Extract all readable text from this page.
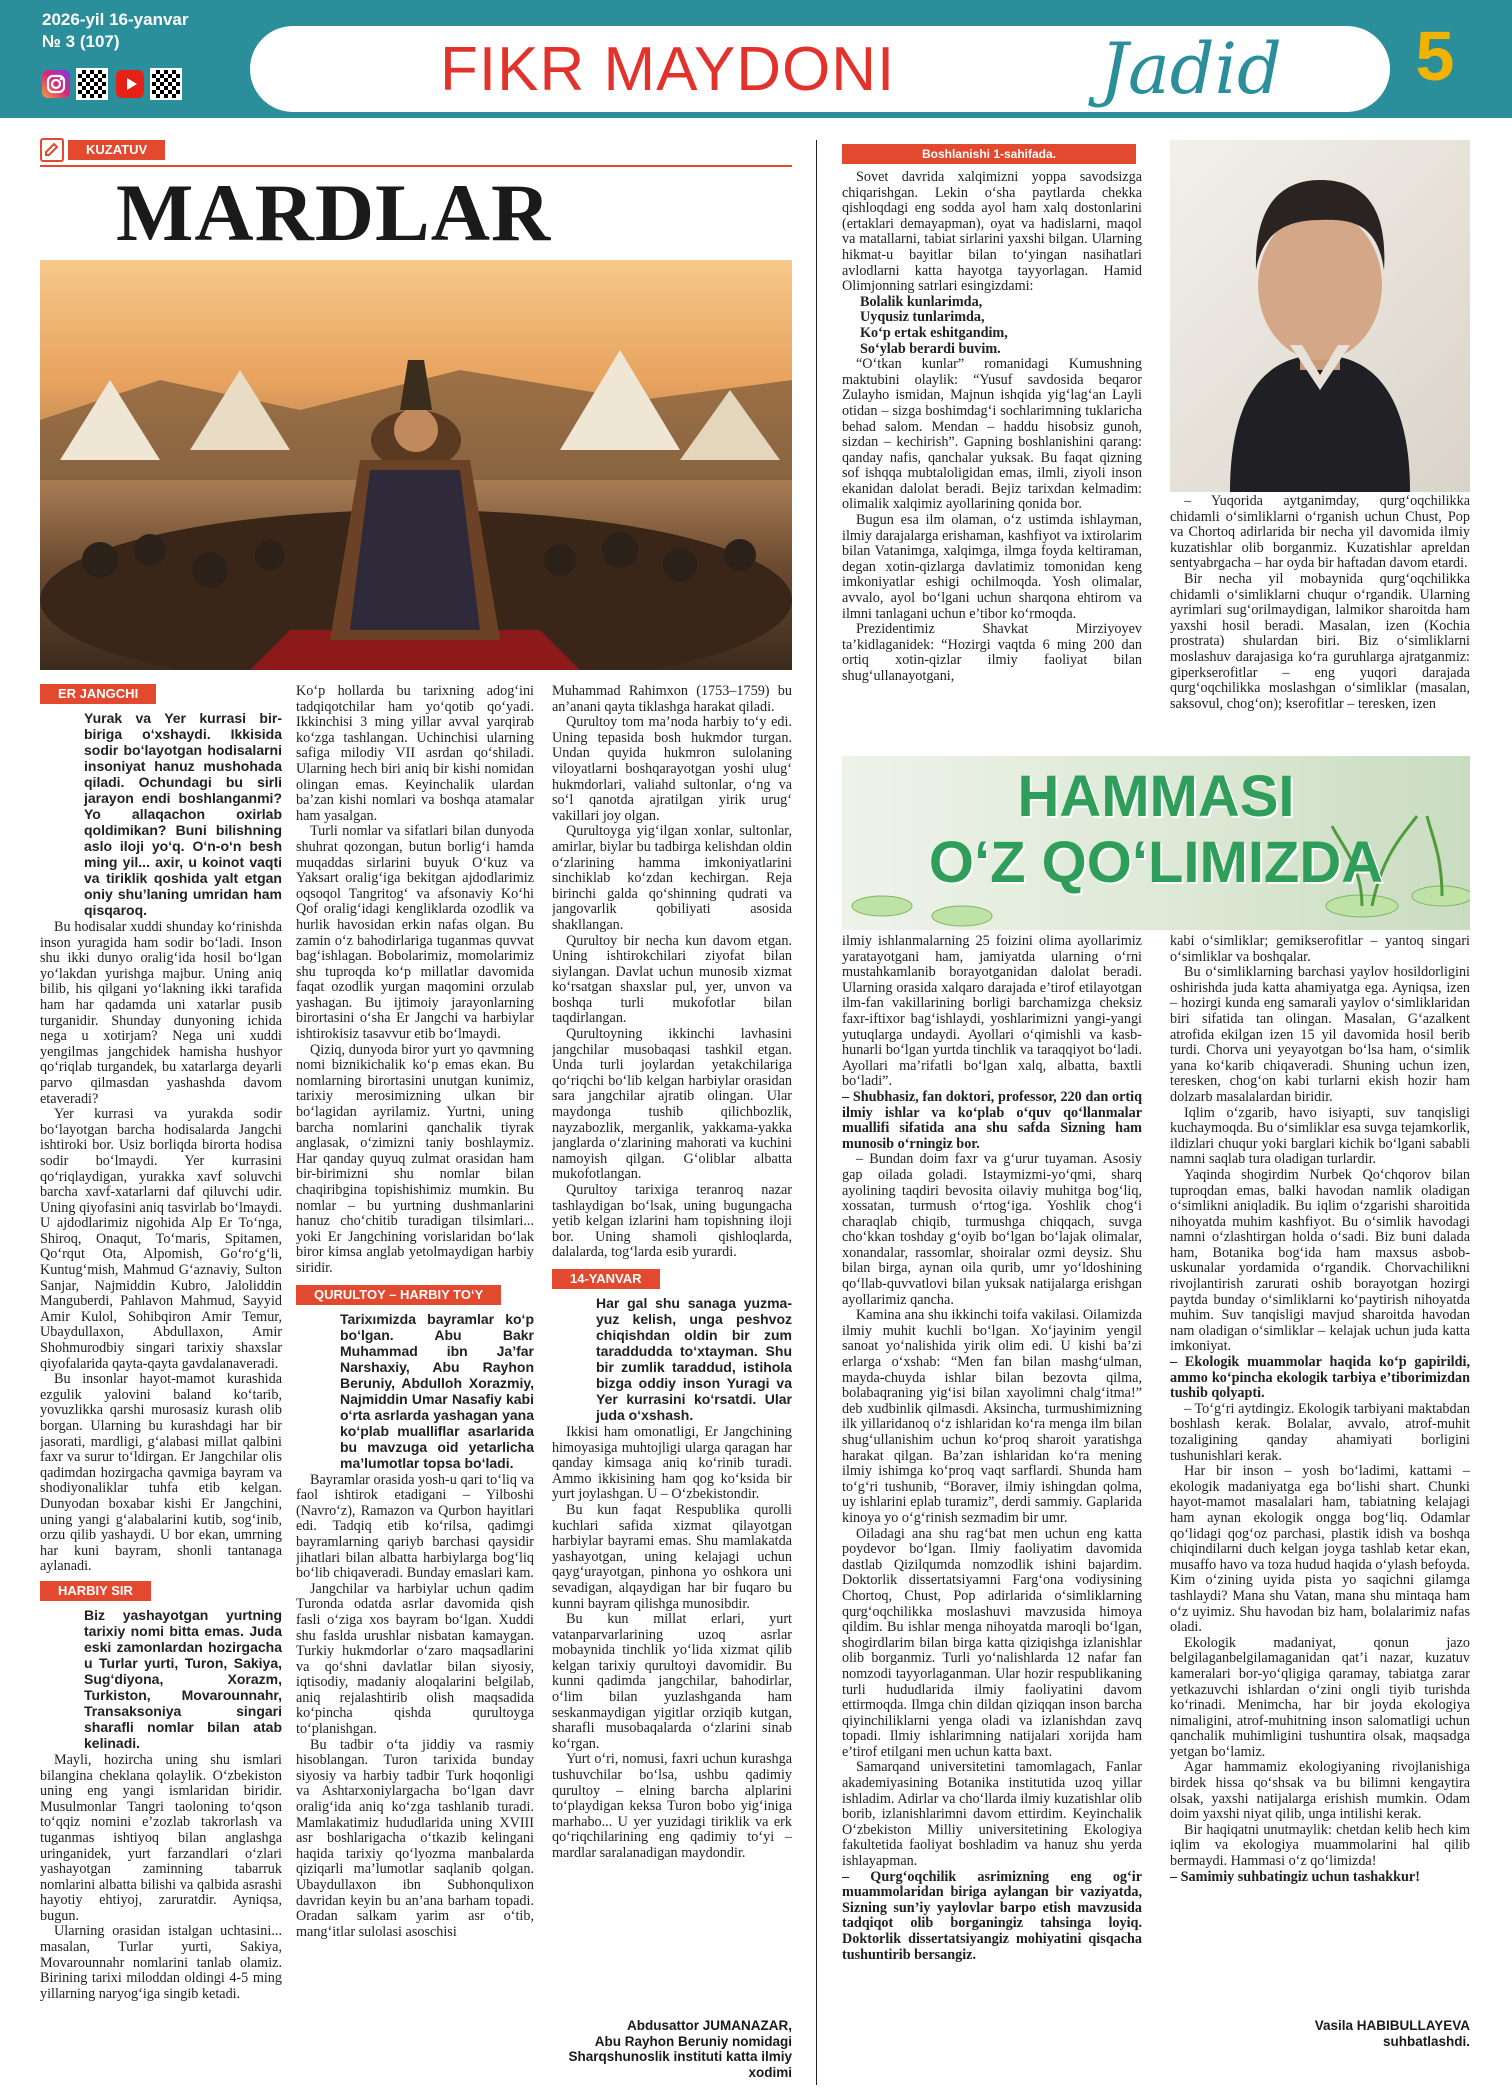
2026-yil 16-yanvar
№ 3 (107)	FIKR MAYDONI	Jadid 5
KUZATUV
MARDLAR
ER JANGCHI
Yurak va Yer kurrasi bir-biriga o‘xshaydi. Ikkisida sodir bo‘layotgan hodisalarni insoniyat hanuz mushohada qiladi. Ochundagi bu sirli jarayon endi boshlanganmi? Yo allaqachon oxirlab qoldimikan? Buni bilishning aslo iloji yo‘q. O‘n-o‘n besh ming yil... axir, u koinot vaqti va tiriklik qoshida yalt etgan oniy shu’laning umridan ham qisqaroq.

Bu hodisalar xuddi shunday ko‘rinishda inson yuragida ham sodir bo‘ladi. Inson shu ikki dunyo oralig‘ida hosil bo‘lgan yo‘lakdan yurishga majbur. Uning aniq bilib, his qilgani yo‘lakning ikki tarafida ham har qadamda uni xatarlar pusib turganidir. Shunday dunyoning ichida nega u xotirjam? Nega uni xuddi yengilmas jangchidek hamisha hushyor qo‘riqlab turgandek, bu xatarlarga deyarli parvo qilmasdan yashashda davom etaveradi?

Yer kurrasi va yurakda sodir bo‘layotgan barcha hodisalarda Jangchi ishtiroki bor. Usiz borliqda birorta hodisa sodir bo‘lmaydi. Yer kurrasini qo‘riqlaydigan, yurakka xavf soluvchi barcha xavf-xatarlarni daf qiluvchi udir. Uning qiyofasini aniq tasvirlab bo‘lmaydi. U ajdodlarimiz nigohida Alp Er To‘nga, Shiroq, Onaqut, To‘maris, Spitamen, Qo‘rqut Ota, Alpomish, Go‘ro‘g‘li, Kuntug‘mish, Mahmud G‘aznaviy, Sulton Sanjar, Najmiddin Kubro, Jaloliddin Manguberdi, Pahlavon Mahmud, Sayyid Amir Kulol, Sohibqiron Amir Temur, Ubaydullaxon, Abdullaxon, Amir Shohmurodbiy singari tarixiy shaxslar qiyofalarida qayta-qayta gavdalanaveradi.

Bu insonlar hayot-mamot kurashida ezgulik yalovini baland ko‘tarib, yovuzlikka qarshi murosasiz kurash olib borgan. Ularning bu kurashdagi har bir jasorati, mardligi, g‘alabasi millat qalbini faxr va surur to‘ldirgan. Er Jangchilar olis qadimdan hozirgacha qavmiga bayram va shodiyonaliklar tuhfa etib kelgan. Dunyodan boxabar kishi Er Jangchini, uning yangi g‘alabalarini kutib, sog‘inib, orzu qilib yashaydi. U bor ekan, umrning har kuni bayram, shonli tantanaga aylanadi.

HARBIY SIR
Biz yashayotgan yurtning tarixiy nomi bitta emas. Juda eski zamonlardan hozirgacha u Turlar yurti, Turon, Sakiya, Sug‘diyona, Xorazm, Turkiston, Movarounnahr, Transaksoniya singari sharafli nomlar bilan atab kelinadi.

Mayli, hozircha uning shu ismlari bilangina cheklana qolaylik. O‘zbekiston uning eng yangi ismlaridan biridir. Musulmonlar Tangri taoloning to‘qson to‘qqiz nomini e’zozlab takrorlash va tuganmas ishtiyoq bilan anglashga uringanidek, yurt farzandlari o‘zlari yashayotgan zaminning tabarruk nomlarini albatta bilishi va qalbida asrashi hayotiy ehtiyoj, zaruratdir. Ayniqsa, bugun.

Ularning orasidan istalgan uchtasini... masalan, Turlar yurti, Sakiya, Movarounnahr nomlarini tanlab olamiz. Birining tarixi miloddan oldingi 4-5 ming yillarning naryog‘iga singib ketadi.

Ko‘p hollarda bu tarixning adog‘ini tadqiqotchilar ham yo‘qotib qo‘yadi. Ikkinchisi 3 ming yillar avval yarqirab ko‘zga tashlangan. Uchinchisi ularning safiga milodiy VII asrdan qo‘shiladi. Ularning hech biri aniq bir kishi nomidan olingan emas. Keyinchalik ulardan ba’zan kishi nomlari va boshqa atamalar ham yasalgan.

Turli nomlar va sifatlari bilan dunyoda shuhrat qozongan, butun borlig‘i hamda muqaddas sirlarini buyuk O‘kuz va Yaksart oralig‘iga bekitgan ajdodlarimiz oqsoqol Tangritog‘ va afsonaviy Ko‘hi Qof oralig‘idagi kengliklarda ozodlik va hurlik havosidan erkin nafas olgan. Bu zamin o‘z bahodirlariga tuganmas quvvat bag‘ishlagan. Bobolarimiz, momolarimiz shu tuproqda ko‘p millatlar davomida faqat ozodlik yurgan maqomini orzulab yashagan. Bu ijtimoiy jarayonlarning birortasini o‘sha Er Jangchi va harbiylar ishtirokisiz tasavvur etib bo‘lmaydi.

Qiziq, dunyoda biror yurt yo qavmning nomi biznikichalik ko‘p emas ekan. Bu nomlarning birortasini unutgan kunimiz, tarixiy merosimizning ulkan bir bo‘lagidan ayrilamiz. Yurtni, uning barcha nomlarini qanchalik tiyrak anglasak, o‘zimizni taniy boshlaymiz. Har qanday quyuq zulmat orasidan ham bir-birimizni shu nomlar bilan chaqiribgina topishishimiz mumkin. Bu nomlar – bu yurtning dushmanlarini hanuz cho‘chitib turadigan tilsimlari... yoki Er Jangchining vorislaridan bo‘lak biror kimsa anglab yetolmaydigan harbiy siridir.

QURULTOY – HARBIY TO‘Y
Tarixımizda bayramlar ko‘p bo‘lgan. Abu Bakr Muhammad ibn Ja’far Narshaxiy, Abu Rayhon Beruniy, Abdulloh Xorazmiy, Najmiddin Umar Nasafiy kabi o‘rta asrlarda yashagan yana ko‘plab mualliflar asarlarida bu mavzuga oid yetarlicha ma’lumotlar topsa bo‘ladi.

Bayramlar orasida yosh-u qari to‘liq va faol ishtirok etadigani – Yilboshi (Navro‘z), Ramazon va Qurbon hayitlari edi. Tadqiq etib ko‘rilsa, qadimgi bayramlarning qariyb barchasi qaysidir jihatlari bilan albatta harbiylarga bog‘liq bo‘lib chiqaveradi. Bunday emaslari kam.

Jangchilar va harbiylar uchun qadim Turonda odatda asrlar davomida qish fasli o‘ziga xos bayram bo‘lgan. Xuddi shu faslda urushlar nisbatan kamaygan. Turkiy hukmdorlar o‘zaro maqsadlarini va qo‘shni davlatlar bilan siyosiy, iqtisodiy, madaniy aloqalarini belgilab, aniq rejalashtirib olish maqsadida ko‘pincha qishda qurultoyga to‘planishgan.

Bu tadbir o‘ta jiddiy va rasmiy hisoblangan. Turon tarixida bunday siyosiy va harbiy tadbir Turk hoqonligi va Ashtarxoniylargacha bo‘lgan davr oralig‘ida aniq ko‘zga tashlanib turadi. Mamlakatimiz hududlarida uning XVIII asr boshlarigacha o‘tkazib kelingani haqida tarixiy qo‘lyozma manbalarda qiziqarli ma’lumotlar saqlanib qolgan. Ubaydullaxon ibn Subhonqulixon davridan keyin bu an’ana barham topadi. Oradan salkam yarim asr o‘tib, mang‘itlar sulolasi asoschisi

Muhammad Rahimxon (1753–1759) bu an’anani qayta tiklashga harakat qiladi.

Qurultoy tom ma’noda harbiy to‘y edi. Uning tepasida bosh hukmdor turgan. Undan quyida hukmron sulolaning viloyatlarni boshqarayotgan yoshi ulug‘ hukmdorlari, valiahd sultonlar, o‘ng va so‘l qanotda ajratilgan yirik urug‘ vakillari joy olgan.

Qurultoyga yig‘ilgan xonlar, sultonlar, amirlar, biylar bu tadbirga kelishdan oldin o‘zlarining hamma imkoniyatlarini sinchiklab ko‘zdan kechirgan. Reja birinchi galda qo‘shinning qudrati va jangovarlik qobiliyati asosida shakllangan.

Qurultoy bir necha kun davom etgan. Uning ishtirokchilari ziyofat bilan siylangan. Davlat uchun munosib xizmat ko‘rsatgan shaxslar pul, yer, unvon va boshqa turli mukofotlar bilan taqdirlangan.

Qurultoyning ikkinchi lavhasini jangchilar musobaqasi tashkil etgan. Unda turli joylardan yetakchilariga qo‘riqchi bo‘lib kelgan harbiylar orasidan sara jangchilar ajratib olingan. Ular maydonga tushib qilichbozlik, nayzabozlik, merganlik, yakkama-yakka janglarda o‘zlarining mahorati va kuchini namoyish qilgan. G‘oliblar albatta mukofotlangan.

Qurultoy tarixiga teranroq nazar tashlaydigan bo‘lsak, uning bugungacha yetib kelgan izlarini ham topishning iloji bor. Uning shamoli qishloqlarda, dalalarda, tog‘larda esib yurardi.

14-YANVAR
Har gal shu sanaga yuzma-yuz kelish, unga peshvoz chiqishdan oldin bir zum taraddudda to‘xtayman. Shu bir zumlik taraddud, istihola bizga oddiy inson Yuragi va Yer kurrasini ko‘rsatdi. Ular juda o‘xshash.

Ikkisi ham omonatligi, Er Jangchining himoyasiga muhtojligi ularga qaragan har qanday kimsaga aniq ko‘rinib turadi. Ammo ikkisining ham qog ko‘ksida bir yurt joylashgan. U – O‘zbekistondir.

Bu kun faqat Respublika qurolli kuchlari safida xizmat qilayotgan harbiylar bayrami emas. Shu mamlakatda yashayotgan, uning kelajagi uchun qayg‘urayotgan, pinhona yo oshkora uni sevadigan, alqaydigan har bir fuqaro bu kunni bayram qilishga munosibdir.

Bu kun millat erlari, yurt vatanparvarlarining uzoq asrlar mobaynida tinchlik yo‘lida xizmat qilib kelgan tarixiy qurultoyi davomidir. Bu kunni qadimda jangchilar, bahodirlar, o‘lim bilan yuzlashganda ham seskanmaydigan yigitlar orziqib kutgan, sharafli musobaqalarda o‘zlarini sinab ko‘rgan.

Yurt o‘ri, nomusi, faxri uchun kurashga tushuvchilar bo‘lsa, ushbu qadimiy qurultoy – elning barcha alplarini to‘playdigan keksa Turon bobo yig‘iniga marhabo... U yer yuzidagi tiriklik va erk qo‘riqchilarining eng qadimiy to‘yi – mardlar saralanadigan maydondir.

Abdusattor JUMANAZAR,
Abu Rayhon Beruniy nomidagi Sharqshunoslik instituti katta ilmiy xodimi
Boshlanishi 1-sahifada.

Sovet davrida xalqimizni yoppa savodsizga chiqarishgan. Lekin o‘sha paytlarda chekka qishloqdagi eng sodda ayol ham xalq dostonlarini (ertaklari demayapman), oyat va hadislarni, maqol va matallarni, tabiat sirlarini yaxshi bilgan. Ularning hikmat-u bayitlar bilan to‘yingan nasihatlari avlodlarni katta hayotga tayyorlagan. Hamid Olimjonning satrlari esingizdami:

Bolalik kunlarimda,
Uyqusiz tunlarimda,
Ko‘p ertak eshitgandim,
So‘ylab berardi buvim.

“O‘tkan kunlar” romanidagi Kumushning maktubini olaylik: “Yusuf savdosida beqaror Zulayho ismidan, Majnun ishqida yig‘lag‘an Layli otidan – sizga boshimdag‘i sochlarimning tuklaricha behad salom. Mendan – haddu hisobsiz gunoh, sizdan – kechirish”. Gapning boshlanishini qarang: qanday nafis, qanchalar yuksak. Bu faqat qizning sof ishqqa mubtaloligidan emas, ilmli, ziyoli inson ekanidan dalolat beradi. Bejiz tarixdan kelmadim: olimalik xalqimiz ayollarining qonida bor.

Bugun esa ilm olaman, o‘z ustimda ishlayman, ilmiy darajalarga erishaman, kashfiyot va ixtirolarim bilan Vatanimga, xalqimga, ilmga foyda keltiraman, degan xotin-qizlarga davlatimiz tomonidan keng imkoniyatlar eshigi ochilmoqda. Yosh olimalar, avvalo, ayol bo‘lgani uchun sharqona ehtirom va ilmni tanlagani uchun e’tibor ko‘rmoqda.

Prezidentimiz Shavkat Mirziyoyev ta’kidlaganidek: “Hozirgi vaqtda 6 ming 200 dan ortiq xotin-qizlar ilmiy faoliyat bilan shug‘ullanayotgani,

– Yuqorida aytganimday, qurg‘oqchilikka chidamli o‘simliklarni o‘rganish uchun Chust, Pop va Chortoq adirlarida bir necha yil davomida ilmiy kuzatishlar olib borganmiz. Kuzatishlar apreldan sentyabrgacha – har oyda bir haftadan davom etardi.

Bir necha yil mobaynida qurg‘oqchilikka chidamli o‘simliklarni chuqur o‘rgandik. Ularning ayrimlari sug‘orilmaydigan, lalmikor sharoitda ham yaxshi hosil beradi. Masalan, izen (Kochia prostrata) shulardan biri. Biz o‘simliklarni moslashuv darajasiga ko‘ra guruhlarga ajratganmiz: giperkserofitlar – eng yuqori darajada qurg‘oqchilikka moslashgan o‘simliklar (masalan, saksovul, chog‘on); kserofitlar – teresken, izen

HAMMASI
O‘Z QO‘LIMIZDA

ilmiy ishlanmalarning 25 foizini olima ayollarimiz yaratayotgani ham, jamiyatda ularning o‘rni mustahkamlanib borayotganidan dalolat beradi. Ularning orasida xalqaro darajada e’tirof etilayotgan ilm-fan vakillarining borligi barchamizga cheksiz faxr-iftixor bag‘ishlaydi, yoshlarimizni yangi-yangi yutuqlarga undaydi. Ayollari o‘qimishli va kasb-hunarli bo‘lgan yurtda tinchlik va taraqqiyot bo‘ladi. Ayollari ma’rifatli bo‘lgan xalq, albatta, baxtli bo‘ladi”.

– Shubhasiz, fan doktori, professor, 220 dan ortiq ilmiy ishlar va ko‘plab o‘quv qo‘llanmalar muallifi sifatida ana shu safda Sizning ham munosib o‘rningiz bor.

– Bundan doim faxr va g‘urur tuyaman. Asosiy gap oilada goladi. Istaymizmi-yo‘qmi, sharq ayolining taqdiri bevosita oilaviy muhitga bog‘liq, xossatan, turmush o‘rtog‘iga. Yoshlik chog‘i charaqlab chiqib, turmushga chiqqach, suvga cho‘kkan toshday g‘oyib bo‘lgan bo‘lajak olimalar, xonandalar, rassomlar, shoiralar ozmi deysiz. Shu bilan birga, aynan oila qurib, umr yo‘ldoshining qo‘llab-quvvatlovi bilan yuksak natijalarga erishgan ayollarimiz qancha.

Kamina ana shu ikkinchi toifa vakilasi. Oilamizda ilmiy muhit kuchli bo‘lgan. Xo‘jayinim yengil sanoat yo‘nalishida yirik olim edi. U kishi ba’zi erlarga o‘xshab: “Men fan bilan mashg‘ulman, mayda-chuyda ishlar bilan bezovta qilma, bolabaqraning yig‘isi bilan xayolimni chalg‘itma!” deb xudbinlik qilmasdi. Aksincha, turmushimizning ilk yillaridanoq o‘z ishlaridan ko‘ra menga ilm bilan shug‘ullanishim uchun ko‘proq sharoit yaratishga harakat qilgan. Ba’zan ishlaridan ko‘ra mening ilmiy ishimga ko‘proq vaqt sarflardi. Shunda ham to‘g‘ri tushunib, “Boraver, ilmiy ishingdan qolma, uy ishlarini eplab turamiz”, derdi sammiy. Gaplarida kinoya yo o‘g‘rinish sezmadim bir umr.

Oiladagi ana shu rag‘bat men uchun eng katta poydevor bo‘lgan. Ilmiy faoliyatim davomida dastlab Qizilqumda nomzodlik ishini bajardim. Doktorlik dissertatsiyamni Farg‘ona vodiysining Chortoq, Chust, Pop adirlarida o‘simliklarning qurg‘oqchilikka moslashuvi mavzusida himoya qildim. Bu ishlar menga nihoyatda maroqli bo‘lgan, shogirdlarim bilan birga katta qiziqishga izlanishlar olib borganmiz. Turli yo‘nalishlarda 12 nafar fan nomzodi tayyorlaganman. Ular hozir respublikaning turli hududlarida ilmiy faoliyatini davom ettirmoqda. Ilmga chin dildan qiziqqan inson barcha qiyinchiliklarni yenga oladi va izlanishdan zavq topadi. Ilmiy ishlarimning natijalari xorijda ham e’tirof etilgani men uchun katta baxt.

Samarqand universitetini tamomlagach, Fanlar akademiyasining Botanika institutida uzoq yillar ishladim. Adirlar va cho‘llarda ilmiy kuzatishlar olib borib, izlanishlarimni davom ettirdim. Keyinchalik O‘zbekiston Milliy universitetining Ekologiya fakultetida faoliyat boshladim va hanuz shu yerda ishlayapman.

– Qurg‘oqchilik asrimizning eng og‘ir muammolaridan biriga aylangan bir vaziyatda, Sizning sun’iy yaylovlar barpo etish mavzusida tadqiqot olib borganingiz tahsinga loyiq. Doktorlik dissertatsiyangiz mohiyatini qisqacha tushuntirib bersangiz.

kabi o‘simliklar; gemikserofitlar – yantoq singari o‘simliklar va boshqalar.

Bu o‘simliklarning barchasi yaylov hosildorligini oshirishda juda katta ahamiyatga ega. Ayniqsa, izen – hozirgi kunda eng samarali yaylov o‘simliklaridan biri sifatida tan olingan. Masalan, G‘azalkent atrofida ekilgan izen 15 yil davomida hosil berib turdi. Chorva uni yeyayotgan bo‘lsa ham, o‘simlik yana ko‘karib chiqaveradi. Shuning uchun izen, teresken, chog‘on kabi turlarni ekish hozir ham dolzarb masalalardan biridir.

Iqlim o‘zgarib, havo isiyapti, suv tanqisligi kuchaymoqda. Bu o‘simliklar esa suvga tejamkorlik, ildizlari chuqur yoki barglari kichik bo‘lgani sababli namni saqlab tura oladigan turlardir.

Yaqinda shogirdim Nurbek Qo‘chqorov bilan tuproqdan emas, balki havodan namlik oladigan o‘simlikni aniqladik. Bu iqlim o‘zgarishi sharoitida nihoyatda muhim kashfiyot. Bu o‘simlik havodagi namni o‘zlashtirgan holda o‘sadi. Biz buni dalada ham, Botanika bog‘ida ham maxsus asbob-uskunalar yordamida o‘rgandik. Chorvachilikni rivojlantirish zarurati oshib borayotgan hozirgi paytda bunday o‘simliklarni ko‘paytirish nihoyatda muhim. Suv tanqisligi mavjud sharoitda havodan nam oladigan o‘simliklar – kelajak uchun juda katta imkoniyat.

– Ekologik muammolar haqida ko‘p gapirildi, ammo ko‘pincha ekologik tarbiya e’tiborimizdan tushib qolyapti.

– To‘g‘ri aytdingiz. Ekologik tarbiyani maktabdan boshlash kerak. Bolalar, avvalo, atrof-muhit tozaligining qanday ahamiyati borligini tushunishlari kerak.

Har bir inson – yosh bo‘ladimi, kattami – ekologik madaniyatga ega bo‘lishi shart. Chunki hayot-mamot masalalari ham, tabiatning kelajagi ham aynan ekologik ongga bog‘liq. Odamlar qo‘lidagi qog‘oz parchasi, plastik idish va boshqa chiqindilarni duch kelgan joyga tashlab ketar ekan, musaffo havo va toza hudud haqida o‘ylash befoyda. Kim o‘zining uyida pista yo saqichni gilamga tashlaydi? Mana shu Vatan, mana shu mintaqa ham o‘z uyimiz. Shu havodan biz ham, bolalarimiz nafas oladi.

Ekologik madaniyat, qonun jazo belgilaganbelgilamaganidan qat’i nazar, kuzatuv kameralari bor-yo‘qligiga qaramay, tabiatga zarar yetkazuvchi ishlardan o‘zini ongli tiyib turishda ko‘rinadi. Menimcha, har bir joyda ekologiya nimaligini, atrof-muhitning inson salomatligi uchun qanchalik muhimligini tushuntira olsak, maqsadga yetgan bo‘lamiz.

Agar hammamiz ekologiyaning rivojlanishiga birdek hissa qo‘shsak va bu bilimni kengaytira olsak, yaxshi natijalarga erishish mumkin. Odam doim yaxshi niyat qilib, unga intilishi kerak.

Bir haqiqatni unutmaylik: chetdan kelib hech kim iqlim va ekologiya muammolarini hal qilib bermaydi. Hammasi o‘z qo‘limizda!

– Samimiy suhbatingiz uchun tashakkur!

Vasila HABIBULLAYEVA
suhbatlashdi.
